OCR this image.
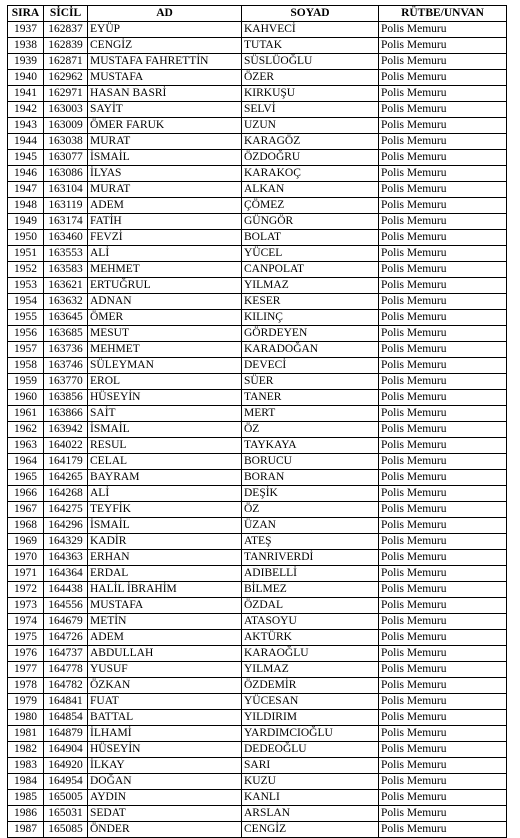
SIRA	SİCİL	AD	SOYAD	RÜTBE/UNVAN
1937	162837	EYÜP	KAHVECİ	Polis Memuru
1938	162839	CENGİZ	TUTAK	Polis Memuru
1939	162871	MUSTAFA FAHRETTİN	SÜSLÜOĞLU	Polis Memuru
1940	162962	MUSTAFA	ÖZER	Polis Memuru
1941	162971	HASAN BASRİ	KIRKUŞU	Polis Memuru
1942	163003	SAYİT	SELVİ	Polis Memuru
1943	163009	ÖMER FARUK	UZUN	Polis Memuru
1944	163038	MURAT	KARAGÖZ	Polis Memuru
1945	163077	İSMAİL	ÖZDOĞRU	Polis Memuru
1946	163086	İLYAS	KARAKOÇ	Polis Memuru
1947	163104	MURAT	ALKAN	Polis Memuru
1948	163119	ADEM	ÇÖMEZ	Polis Memuru
1949	163174	FATİH	GÜNGÖR	Polis Memuru
1950	163460	FEVZİ	BOLAT	Polis Memuru
1951	163553	ALİ	YÜCEL	Polis Memuru
1952	163583	MEHMET	CANPOLAT	Polis Memuru
1953	163621	ERTUĞRUL	YILMAZ	Polis Memuru
1954	163632	ADNAN	KESER	Polis Memuru
1955	163645	ÖMER	KILINÇ	Polis Memuru
1956	163685	MESUT	GÖRDEYEN	Polis Memuru
1957	163736	MEHMET	KARADOĞAN	Polis Memuru
1958	163746	SÜLEYMAN	DEVECİ	Polis Memuru
1959	163770	EROL	SÜER	Polis Memuru
1960	163856	HÜSEYİN	TANER	Polis Memuru
1961	163866	SAİT	MERT	Polis Memuru
1962	163942	İSMAİL	ÖZ	Polis Memuru
1963	164022	RESUL	TAYKAYA	Polis Memuru
1964	164179	CELAL	BORUCU	Polis Memuru
1965	164265	BAYRAM	BORAN	Polis Memuru
1966	164268	ALİ	DEŞİK	Polis Memuru
1967	164275	TEYFİK	ÖZ	Polis Memuru
1968	164296	İSMAİL	ÜZAN	Polis Memuru
1969	164329	KADİR	ATEŞ	Polis Memuru
1970	164363	ERHAN	TANRIVERDİ	Polis Memuru
1971	164364	ERDAL	ADIBELLİ	Polis Memuru
1972	164438	HALİL İBRAHİM	BİLMEZ	Polis Memuru
1973	164556	MUSTAFA	ÖZDAL	Polis Memuru
1974	164679	METİN	ATASOYU	Polis Memuru
1975	164726	ADEM	AKTÜRK	Polis Memuru
1976	164737	ABDULLAH	KARAOĞLU	Polis Memuru
1977	164778	YUSUF	YILMAZ	Polis Memuru
1978	164782	ÖZKAN	ÖZDEMİR	Polis Memuru
1979	164841	FUAT	YÜCESAN	Polis Memuru
1980	164854	BATTAL	YILDIRIM	Polis Memuru
1981	164879	İLHAMİ	YARDIMCIOĞLU	Polis Memuru
1982	164904	HÜSEYİN	DEDEOĞLU	Polis Memuru
1983	164920	İLKAY	SARI	Polis Memuru
1984	164954	DOĞAN	KUZU	Polis Memuru
1985	165005	AYDIN	KANLI	Polis Memuru
1986	165031	SEDAT	ARSLAN	Polis Memuru
1987	165085	ÖNDER	CENGİZ	Polis Memuru
